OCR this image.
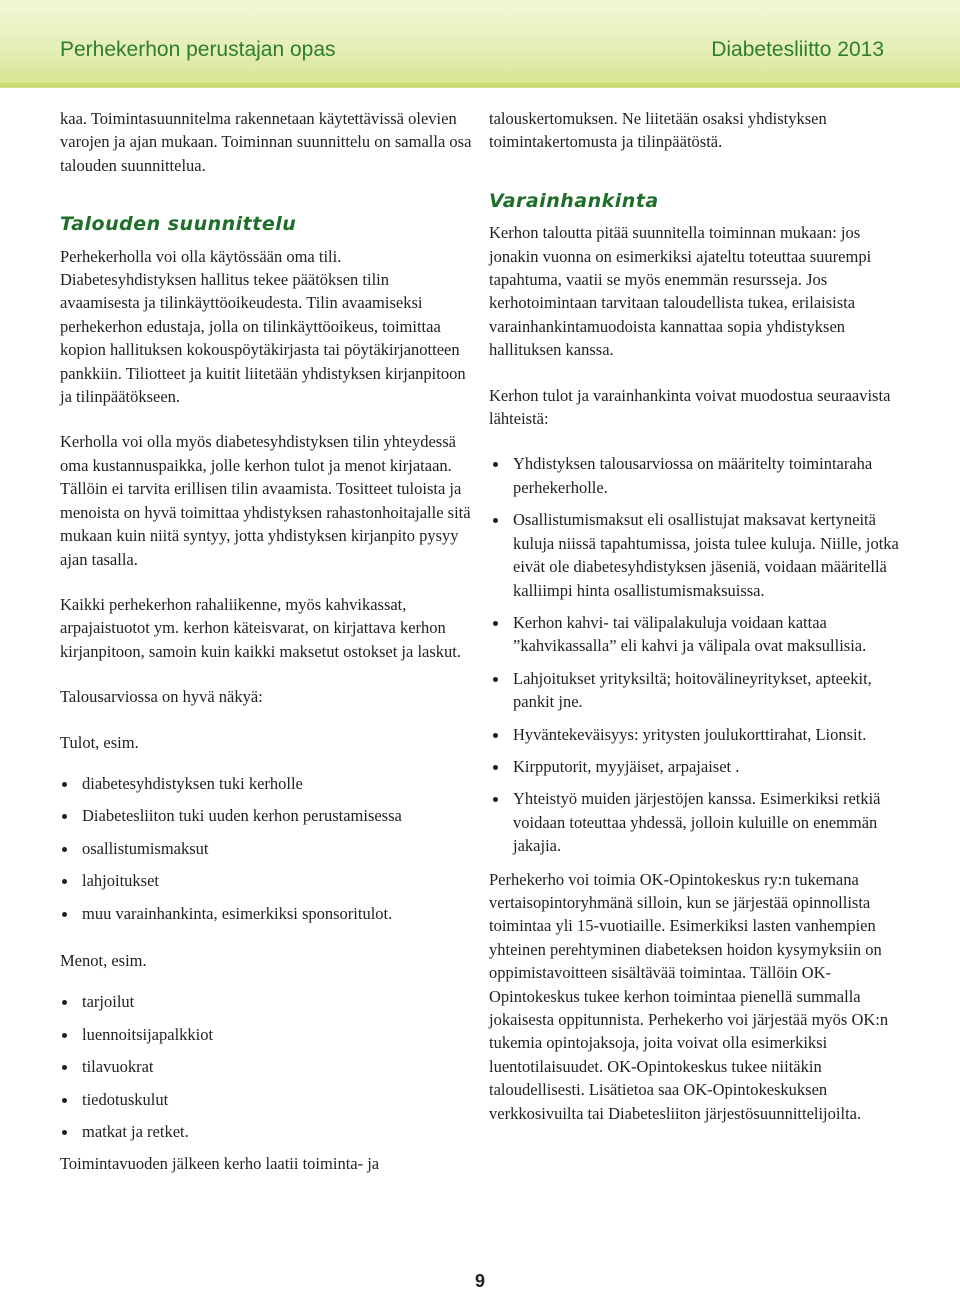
Perhekerhon perustajan opas	Diabetesliitto 2013

kaa. Toimintasuunnitelma rakennetaan käytettävissä olevien varojen ja ajan mukaan. Toiminnan suunnittelu on samalla osa talouden suunnittelua.

Talouden suunnittelu

Perhekerholla voi olla käytössään oma tili. Diabetesyhdistyksen hallitus tekee päätöksen tilin avaamisesta ja tilinkäyttöoikeudesta. Tilin avaamiseksi perhekerhon edustaja, jolla on tilinkäyttöoikeus, toimittaa kopion hallituksen kokouspöytäkirjasta tai pöytäkirjanotteen pankkiin. Tiliotteet ja kuitit liitetään yhdistyksen kirjanpitoon ja tilinpäätökseen.

Kerholla voi olla myös diabetesyhdistyksen tilin yhteydessä oma kustannuspaikka, jolle kerhon tulot ja menot kirjataan. Tällöin ei tarvita erillisen tilin avaamista. Tositteet tuloista ja menoista on hyvä toimittaa yhdistyksen rahastonhoitajalle sitä mukaan kuin niitä syntyy, jotta yhdistyksen kirjanpito pysyy ajan tasalla.

Kaikki perhekerhon rahaliikenne, myös kahvikassat, arpajaistuotot ym. kerhon käteisvarat, on kirjattava kerhon kirjanpitoon, samoin kuin kaikki maksetut ostokset ja laskut.

Talousarviossa on hyvä näkyä:

Tulot, esim.

diabetesyhdistyksen tuki kerholle
Diabetesliiton tuki uuden kerhon perustamisessa
osallistumismaksut
lahjoitukset
muu varainhankinta, esimerkiksi sponsoritulot.

Menot, esim.

tarjoilut
luennoitsijapalkkiot
tilavuokrat
tiedotuskulut
matkat ja retket.

Toimintavuoden jälkeen kerho laatii toiminta- ja

talouskertomuksen. Ne liitetään osaksi yhdistyksen toimintakertomusta ja tilinpäätöstä.

Varainhankinta

Kerhon taloutta pitää suunnitella toiminnan mukaan: jos jonakin vuonna on esimerkiksi ajateltu toteuttaa suurempi tapahtuma, vaatii se myös enemmän resursseja. Jos kerhotoimintaan tarvitaan taloudellista tukea, erilaisista varainhankintamuodoista kannattaa sopia yhdistyksen hallituksen kanssa.

Kerhon tulot ja varainhankinta voivat muodostua seuraavista lähteistä:

Yhdistyksen talousarviossa on määritelty toimintaraha perhekerholle.
Osallistumismaksut eli osallistujat maksavat kertyneitä kuluja niissä tapahtumissa, joista tulee kuluja. Niille, jotka eivät ole diabetesyhdistyksen jäseniä, voidaan määritellä kalliimpi hinta osallistumismaksuissa.
Kerhon kahvi- tai välipalakuluja voidaan kattaa ”kahvikassalla” eli kahvi ja välipala ovat maksullisia.
Lahjoitukset yrityksiltä; hoitovälineyritykset, apteekit, pankit jne.
Hyväntekeväisyys: yritysten joulukorttirahat, Lionsit.
Kirpputorit, myyjäiset, arpajaiset .
Yhteistyö muiden järjestöjen kanssa. Esimerkiksi retkiä voidaan toteuttaa yhdessä, jolloin kuluille on enemmän jakajia.

Perhekerho voi toimia OK-Opintokeskus ry:n tukemana vertaisopintoryhmänä silloin, kun se järjestää opinnollista toimintaa yli 15-vuotiaille. Esimerkiksi lasten vanhempien yhteinen perehtyminen diabeteksen hoidon kysymyksiin on oppimistavoitteen sisältävää toimintaa. Tällöin OK-Opintokeskus tukee kerhon toimintaa pienellä summalla jokaisesta oppitunnista. Perhekerho voi järjestää myös OK:n tukemia opintojaksoja, joita voivat olla esimerkiksi luentotilaisuudet. OK-Opintokeskus tukee niitäkin taloudellisesti. Lisätietoa saa OK-Opintokeskuksen verkkosivuilta tai Diabetesliiton järjestösuunnittelijoilta.

9
